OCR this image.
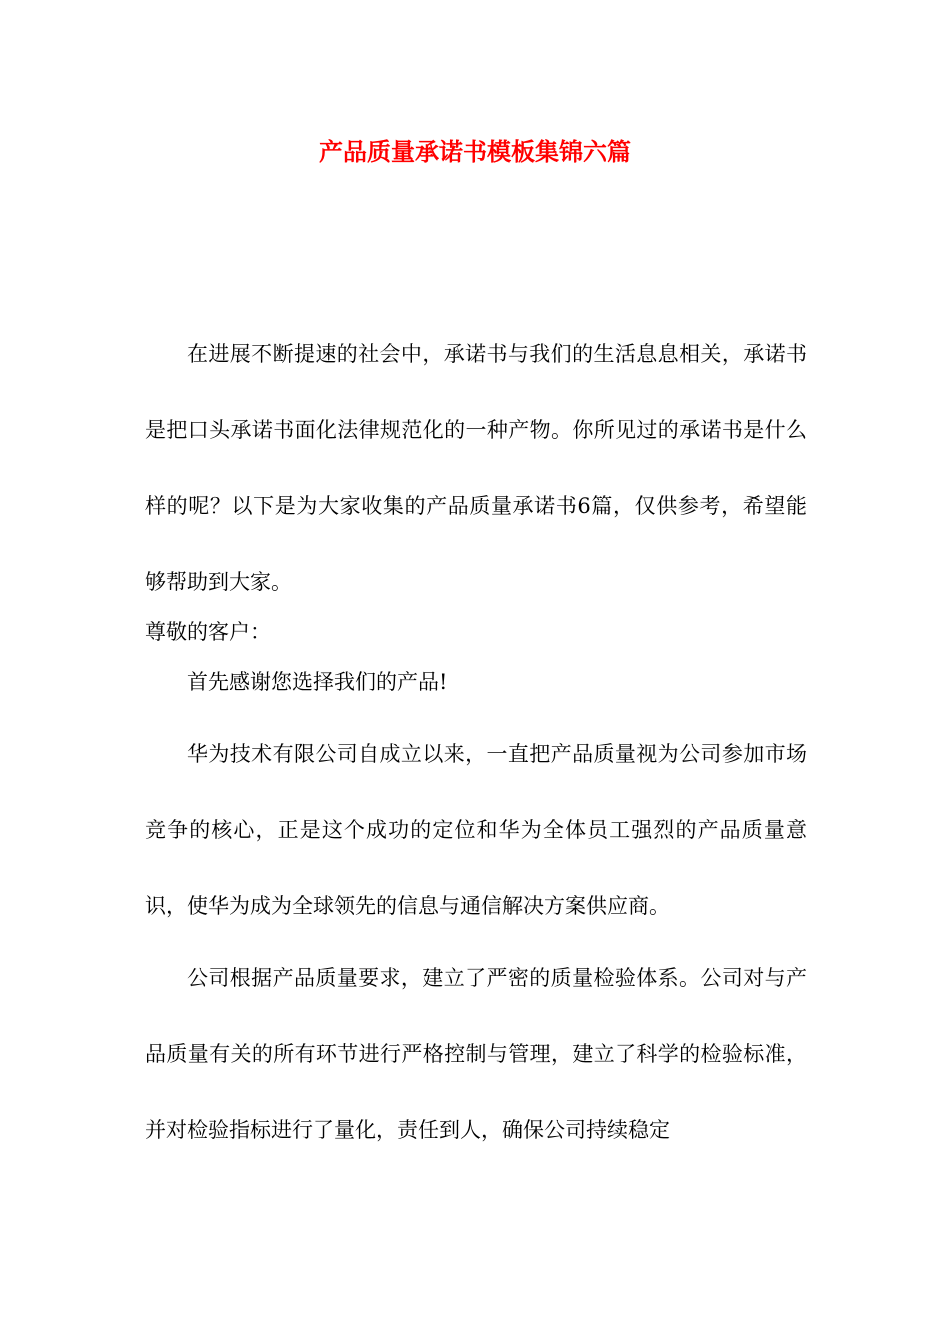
产品质量承诺书模板集锦六篇

在进展不断提速的社会中，承诺书与我们的生活息息相关，承诺书是把口头承诺书面化法律规范化的一种产物。你所见过的承诺书是什么样的呢？以下是为大家收集的产品质量承诺书6篇，仅供参考，希望能够帮助到大家。

尊敬的客户：

首先感谢您选择我们的产品!

华为技术有限公司自成立以来，一直把产品质量视为公司参加市场竞争的核心，正是这个成功的定位和华为全体员工强烈的产品质量意识，使华为成为全球领先的信息与通信解决方案供应商。

公司根据产品质量要求，建立了严密的质量检验体系。公司对与产品质量有关的所有环节进行严格控制与管理，建立了科学的检验标准，并对检验指标进行了量化，责任到人，确保公司持续稳定
